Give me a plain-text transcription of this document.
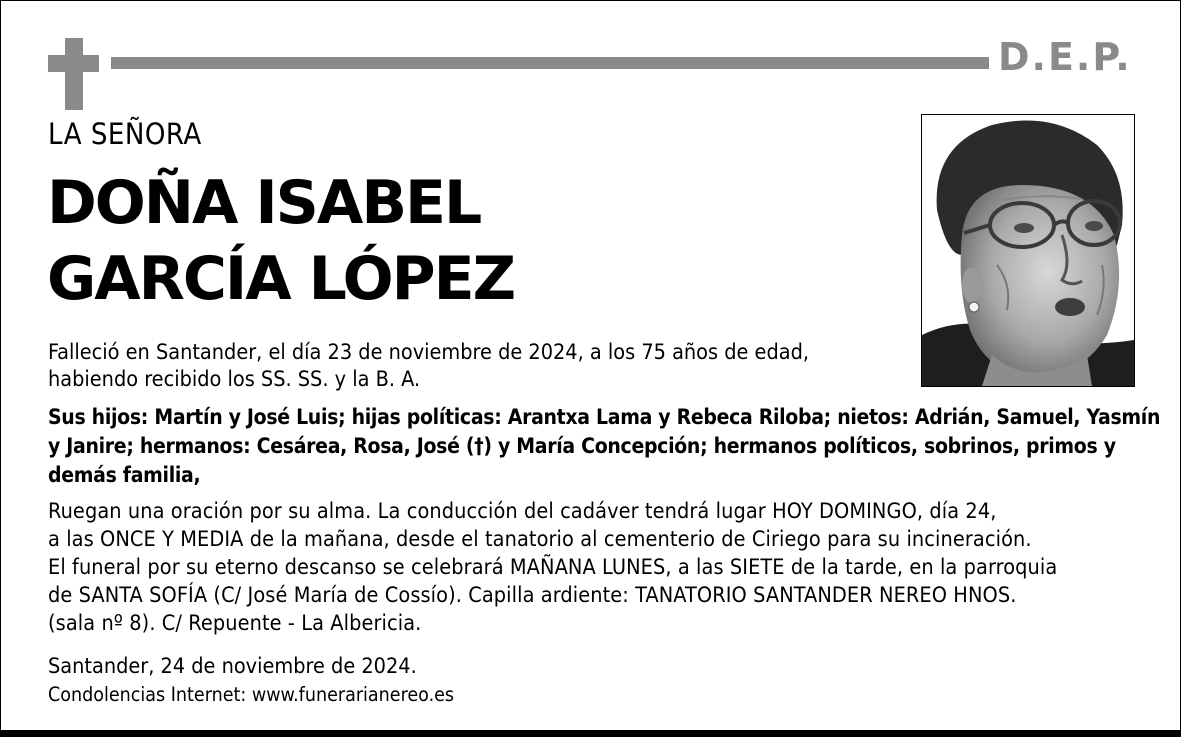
D.E.P.
LA SEÑORA
DOÑA ISABEL
GARCÍA LÓPEZ
Falleció en Santander, el día 23 de noviembre de 2024, a los 75 años de edad,
habiendo recibido los SS. SS. y la B. A.
Sus hijos: Martín y José Luis; hijas políticas: Arantxa Lama y Rebeca Riloba; nietos: Adrián, Samuel, Yasmín
y Janire; hermanos: Cesárea, Rosa, José (†) y María Concepción; hermanos políticos, sobrinos, primos y
demás familia,
Ruegan una oración por su alma. La conducción del cadáver tendrá lugar HOY DOMINGO, día 24,
a las ONCE Y MEDIA de la mañana, desde el tanatorio al cementerio de Ciriego para su incineración.
El funeral por su eterno descanso se celebrará MAÑANA LUNES, a las SIETE de la tarde, en la parroquia
de SANTA SOFÍA (C/ José María de Cossío). Capilla ardiente: TANATORIO SANTANDER NEREO HNOS.
(sala nº 8). C/ Repuente - La Albericia.
Santander, 24 de noviembre de 2024.
Condolencias Internet: www.funerarianereo.es
